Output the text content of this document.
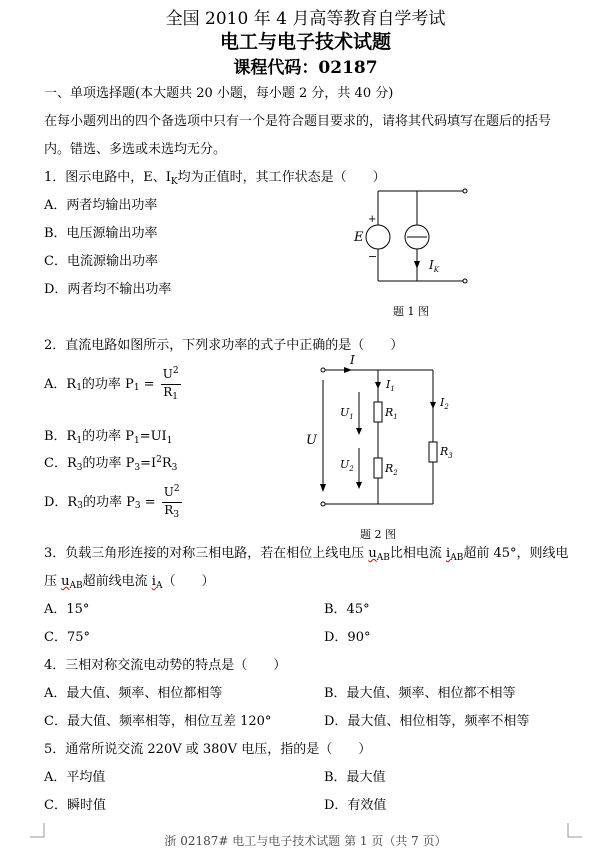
全国 2010 年 4 月高等教育自学考试
电工与电子技术试题
课程代码：02187
一、单项选择题(本大题共 20 小题，每小题 2 分，共 40 分)
在每小题列出的四个备选项中只有一个是符合题目要求的，请将其代码填写在题后的括号
内。错选、多选或未选均无分。
1．图示电路中，E、$I_K$均为正值时，其工作状态是（　　）
A．两者均输出功率
B．电压源输出功率
C．电流源输出功率
D．两者均不输出功率
+
−
E
$I_K$
题 1 图
2．直流电路如图所示，下列求功率的式子中正确的是（　　）
A．R 1 的功率 P $1 = \frac{U^2}{R_1}$
B．$R_1$的功率 $P_1=UI_1$
C．$R_3$的功率 $P_3=I^2R_3$
D．R 3 的功率 P $3 = \frac{U^2}{R_3}$
I
$I_1$
$I_2$
U
$U_1$
$U_2$
$R_1$
$R_2$
$R_3$
题 2 图
3．负载三角形连接的对称三相电路，若在相位上线电压 $u_{AB}$比相电流 $i_{AB}$超前 45°，则线电
压 $u_{AB}$超前线电流 $i_A$（　　）
A．15°	B．45°
C．75°	D．90°
4．三相对称交流电动势的特点是（　　）
A．最大值、频率、相位都相等	B．最大值、频率、相位都不相等
C．最大值、频率相等，相位互差 120°	D．最大值、相位相等，频率不相等
5．通常所说交流 220V 或 380V 电压，指的是（　　）
A．平均值	B．最大值
C．瞬时值	D．有效值
浙 02187# 电工与电子技术试题 第 1 页（共 7 页）
